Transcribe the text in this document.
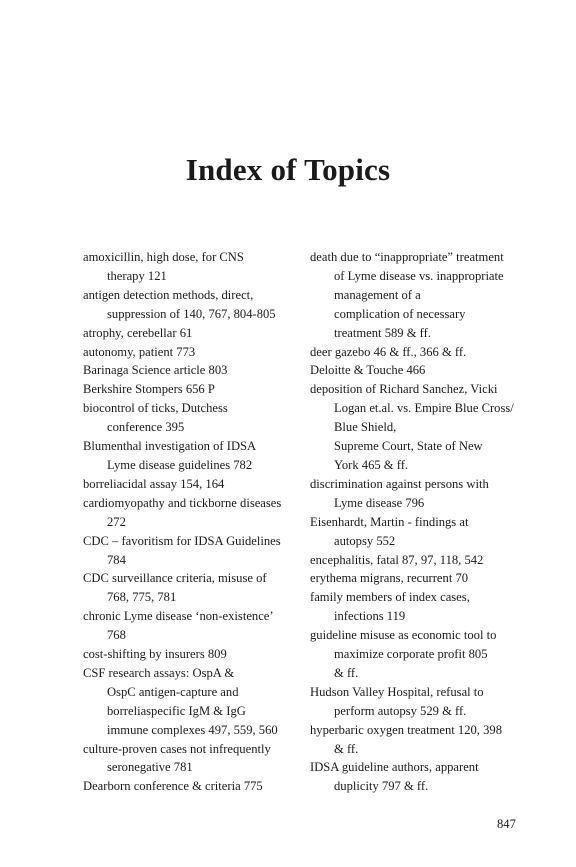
Index of Topics
amoxicillin, high dose, for CNS
therapy 121
antigen detection methods, direct,
suppression of 140, 767, 804-805
atrophy, cerebellar 61
autonomy, patient 773
Barinaga Science article 803
Berkshire Stompers 656 P
biocontrol of ticks, Dutchess
conference 395
Blumenthal investigation of IDSA
Lyme disease guidelines 782
borreliacidal assay 154, 164
cardiomyopathy and tickborne diseases
272
CDC – favoritism for IDSA Guidelines
784
CDC surveillance criteria, misuse of
768, 775, 781
chronic Lyme disease ‘non-existence’
768
cost-shifting by insurers 809
CSF research assays: OspA &
OspC antigen-capture and
borreliaspecific IgM & IgG
immune complexes 497, 559, 560
culture-proven cases not infrequently
seronegative 781
Dearborn conference & criteria 775
death due to “inappropriate” treatment
of Lyme disease vs. inappropriate
management of a
complication of necessary
treatment 589 & ff.
deer gazebo 46 & ff., 366 & ff.
Deloitte & Touche 466
deposition of Richard Sanchez, Vicki
Logan et.al. vs. Empire Blue Cross/
Blue Shield,
Supreme Court, State of New
York 465 & ff.
discrimination against persons with
Lyme disease 796
Eisenhardt, Martin - findings at
autopsy 552
encephalitis, fatal 87, 97, 118, 542
erythema migrans, recurrent 70
family members of index cases,
infections 119
guideline misuse as economic tool to
maximize corporate profit 805
& ff.
Hudson Valley Hospital, refusal to
perform autopsy 529 & ff.
hyperbaric oxygen treatment 120, 398
& ff.
IDSA guideline authors, apparent
duplicity 797 & ff.
847
